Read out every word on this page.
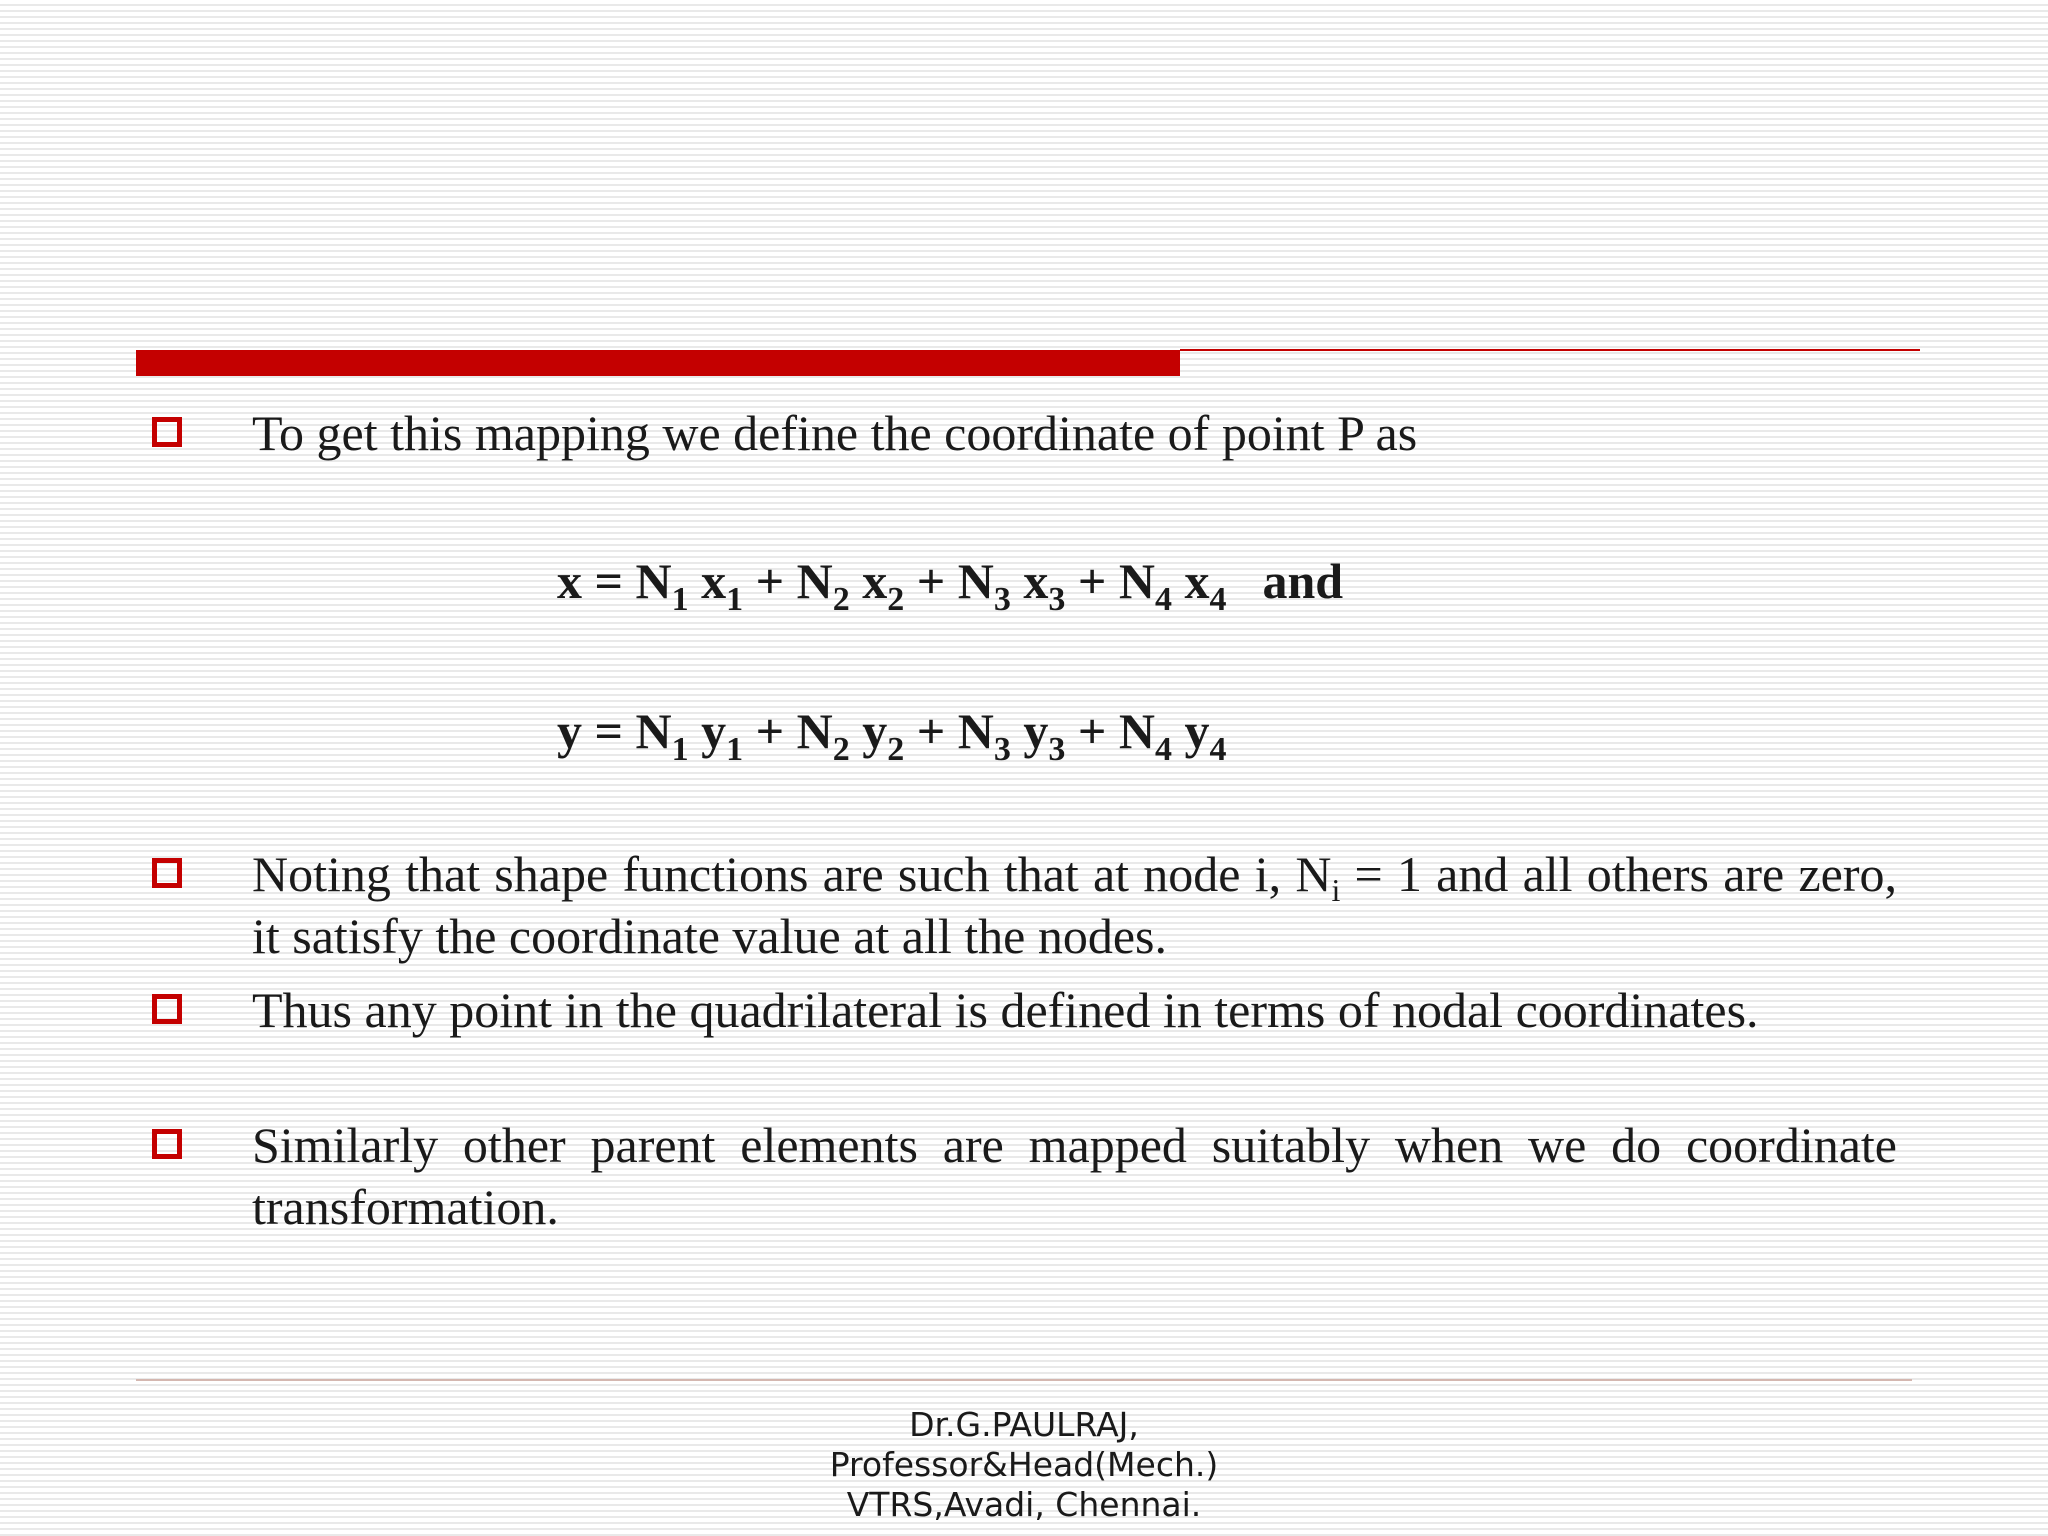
To get this mapping we define the coordinate of point P as

$x = N_1$ $x_1 + N_2$ $x_2 + N_3$ $x_3 + N_4$ $x_4$ and
$y = N_1$ $y_1 + N_2$ $y_2 + N_3$ $y_3 + N_4$ $y_4$

Noting that shape functions are such that at node i, $N_i = 1$ and all others are zero, it satisfy the coordinate value at all the nodes.

Thus any point in the quadrilateral is defined in terms of nodal coordinates.

Similarly other parent elements are mapped suitably when we do coordinate transformation.

Dr.G.PAULRAJ,
Professor&Head(Mech.)
VTRS,Avadi, Chennai.
